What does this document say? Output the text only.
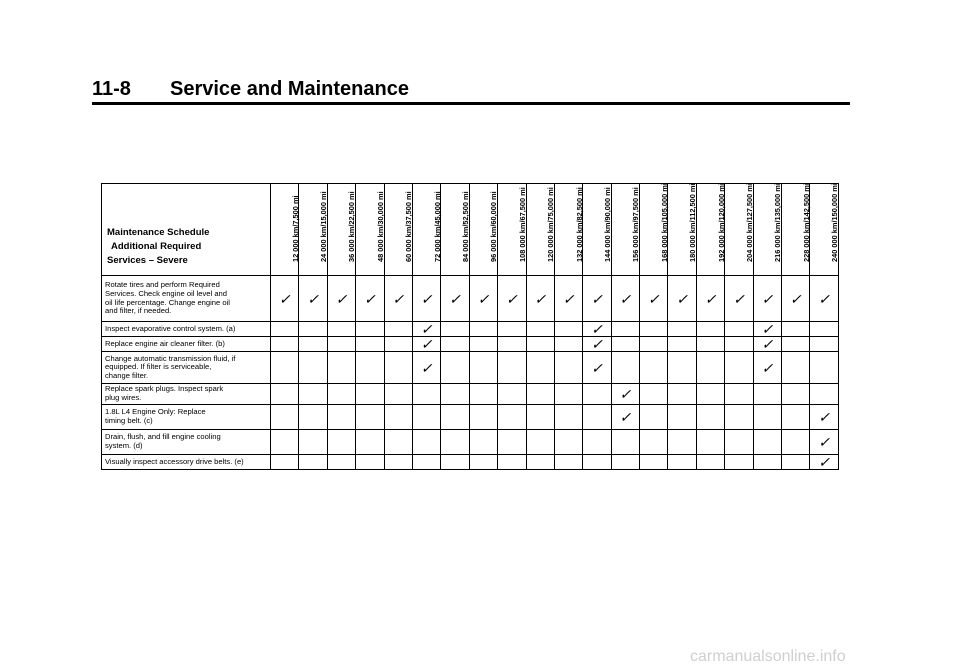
11-8 Service and Maintenance
Maintenance Schedule
Additional Required
Services – Severe	12 000 km/7,500 mi	24 000 km/15,000 mi	36 000 km/22,500 mi	48 000 km/30,000 mi	60 000 km/37,500 mi	72 000 km/45,000 mi	84 000 km/52,500 mi	96 000 km/60,000 mi	108 000 km/67,500 mi	120 000 km/75,000 mi	132 000 km/82,500 mi	144 000 km/90,000 mi	156 000 km/97,500 mi	168 000 km/105,000 mi	180 000 km/112,500 mi	192 000 km/120,000 mi	204 000 km/127,500 mi	216 000 km/135,000 mi	228 000 km/142,500 mi	240 000 km/150,000 mi

Rotate tires and perform Required
Services. Check engine oil level and
oil life percentage. Change engine oil
and filter, if needed.	✓	✓	✓	✓	✓	✓	✓	✓	✓	✓	✓	✓	✓	✓	✓	✓	✓	✓	✓	✓

Inspect evaporative control system. (a)						✓						✓						✓		

Replace engine air cleaner filter. (b)						✓						✓						✓		

Change automatic transmission fluid, if
equipped. If filter is serviceable,
change filter.						✓						✓						✓		

Replace spark plugs. Inspect spark
plug wires.													✓							

1.8L L4 Engine Only: Replace
timing belt. (c)													✓							✓

Drain, flush, and fill engine cooling
system. (d)																				✓

Visually inspect accessory drive belts. (e)																				✓
carmanualsonline.info
